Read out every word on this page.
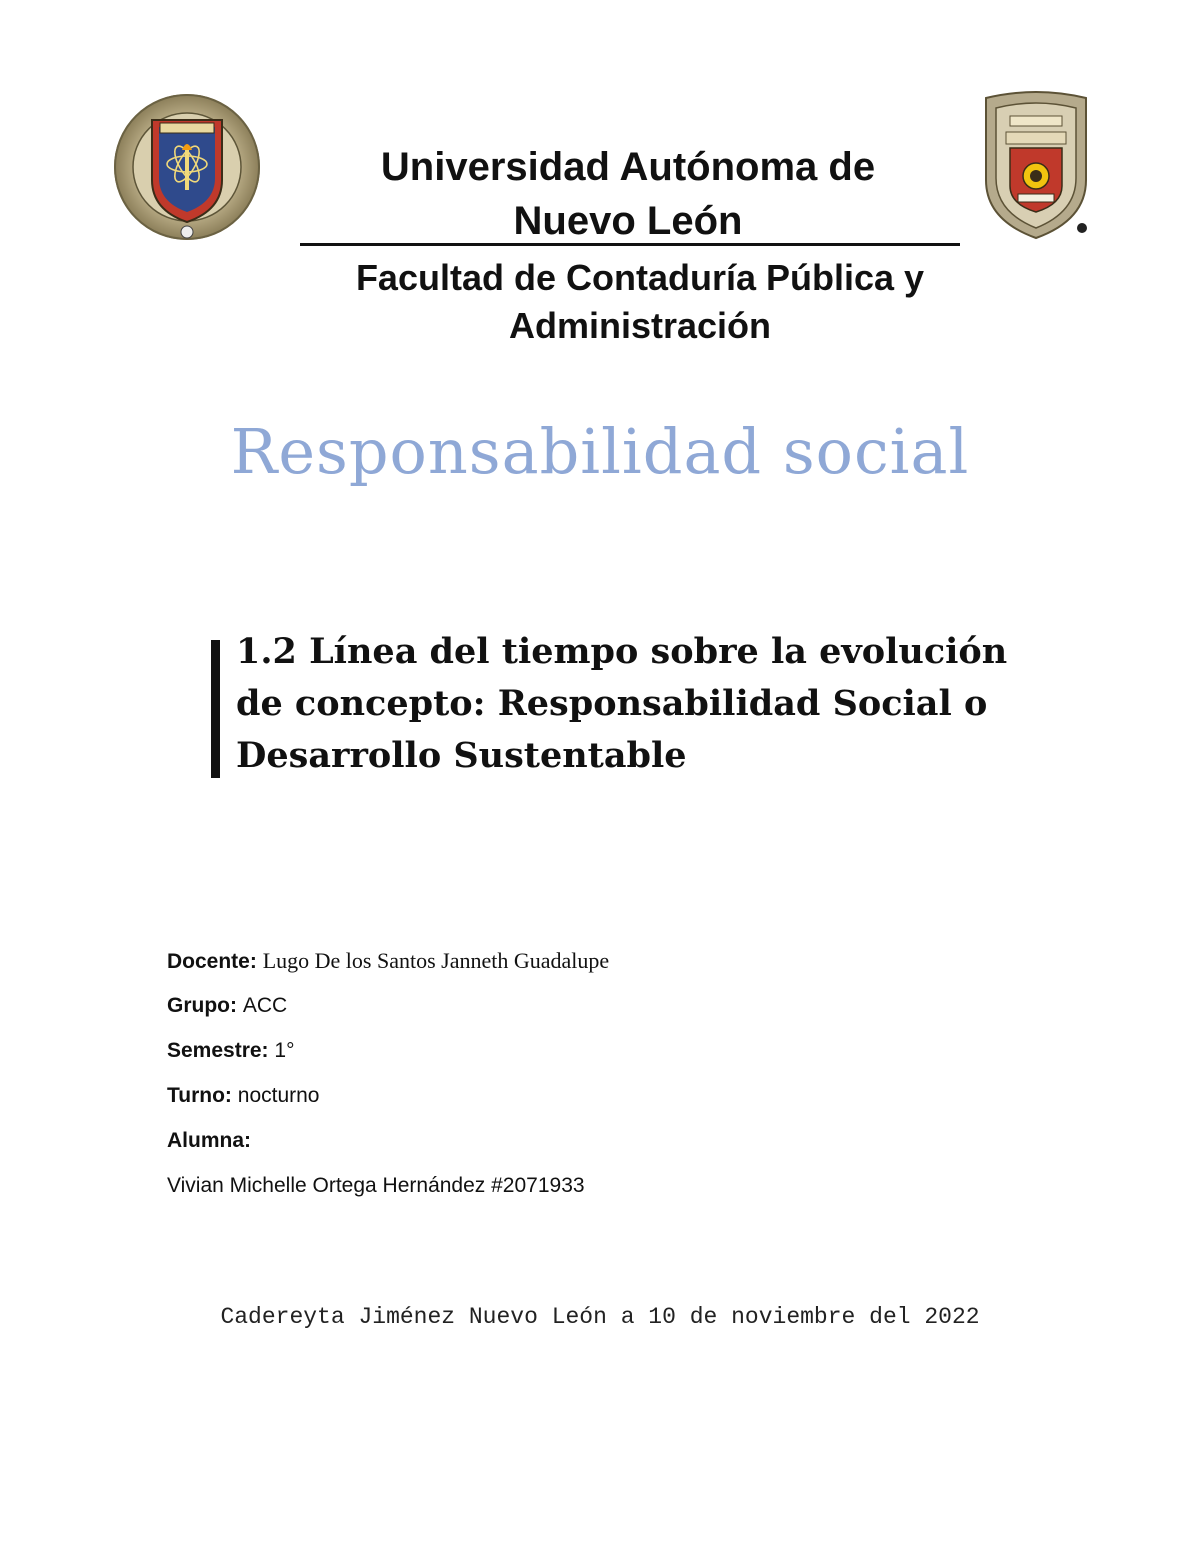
Universidad Autónoma de Nuevo León
Facultad de Contaduría Pública y Administración
Responsabilidad social
1.2 Línea del tiempo sobre la evolución de concepto: Responsabilidad Social o Desarrollo Sustentable
Docente: Lugo De los Santos Janneth Guadalupe
Grupo: ACC
Semestre: 1°
Turno: nocturno
Alumna:
Vivian Michelle Ortega Hernández #2071933
Cadereyta Jiménez Nuevo León a 10 de noviembre del 2022
